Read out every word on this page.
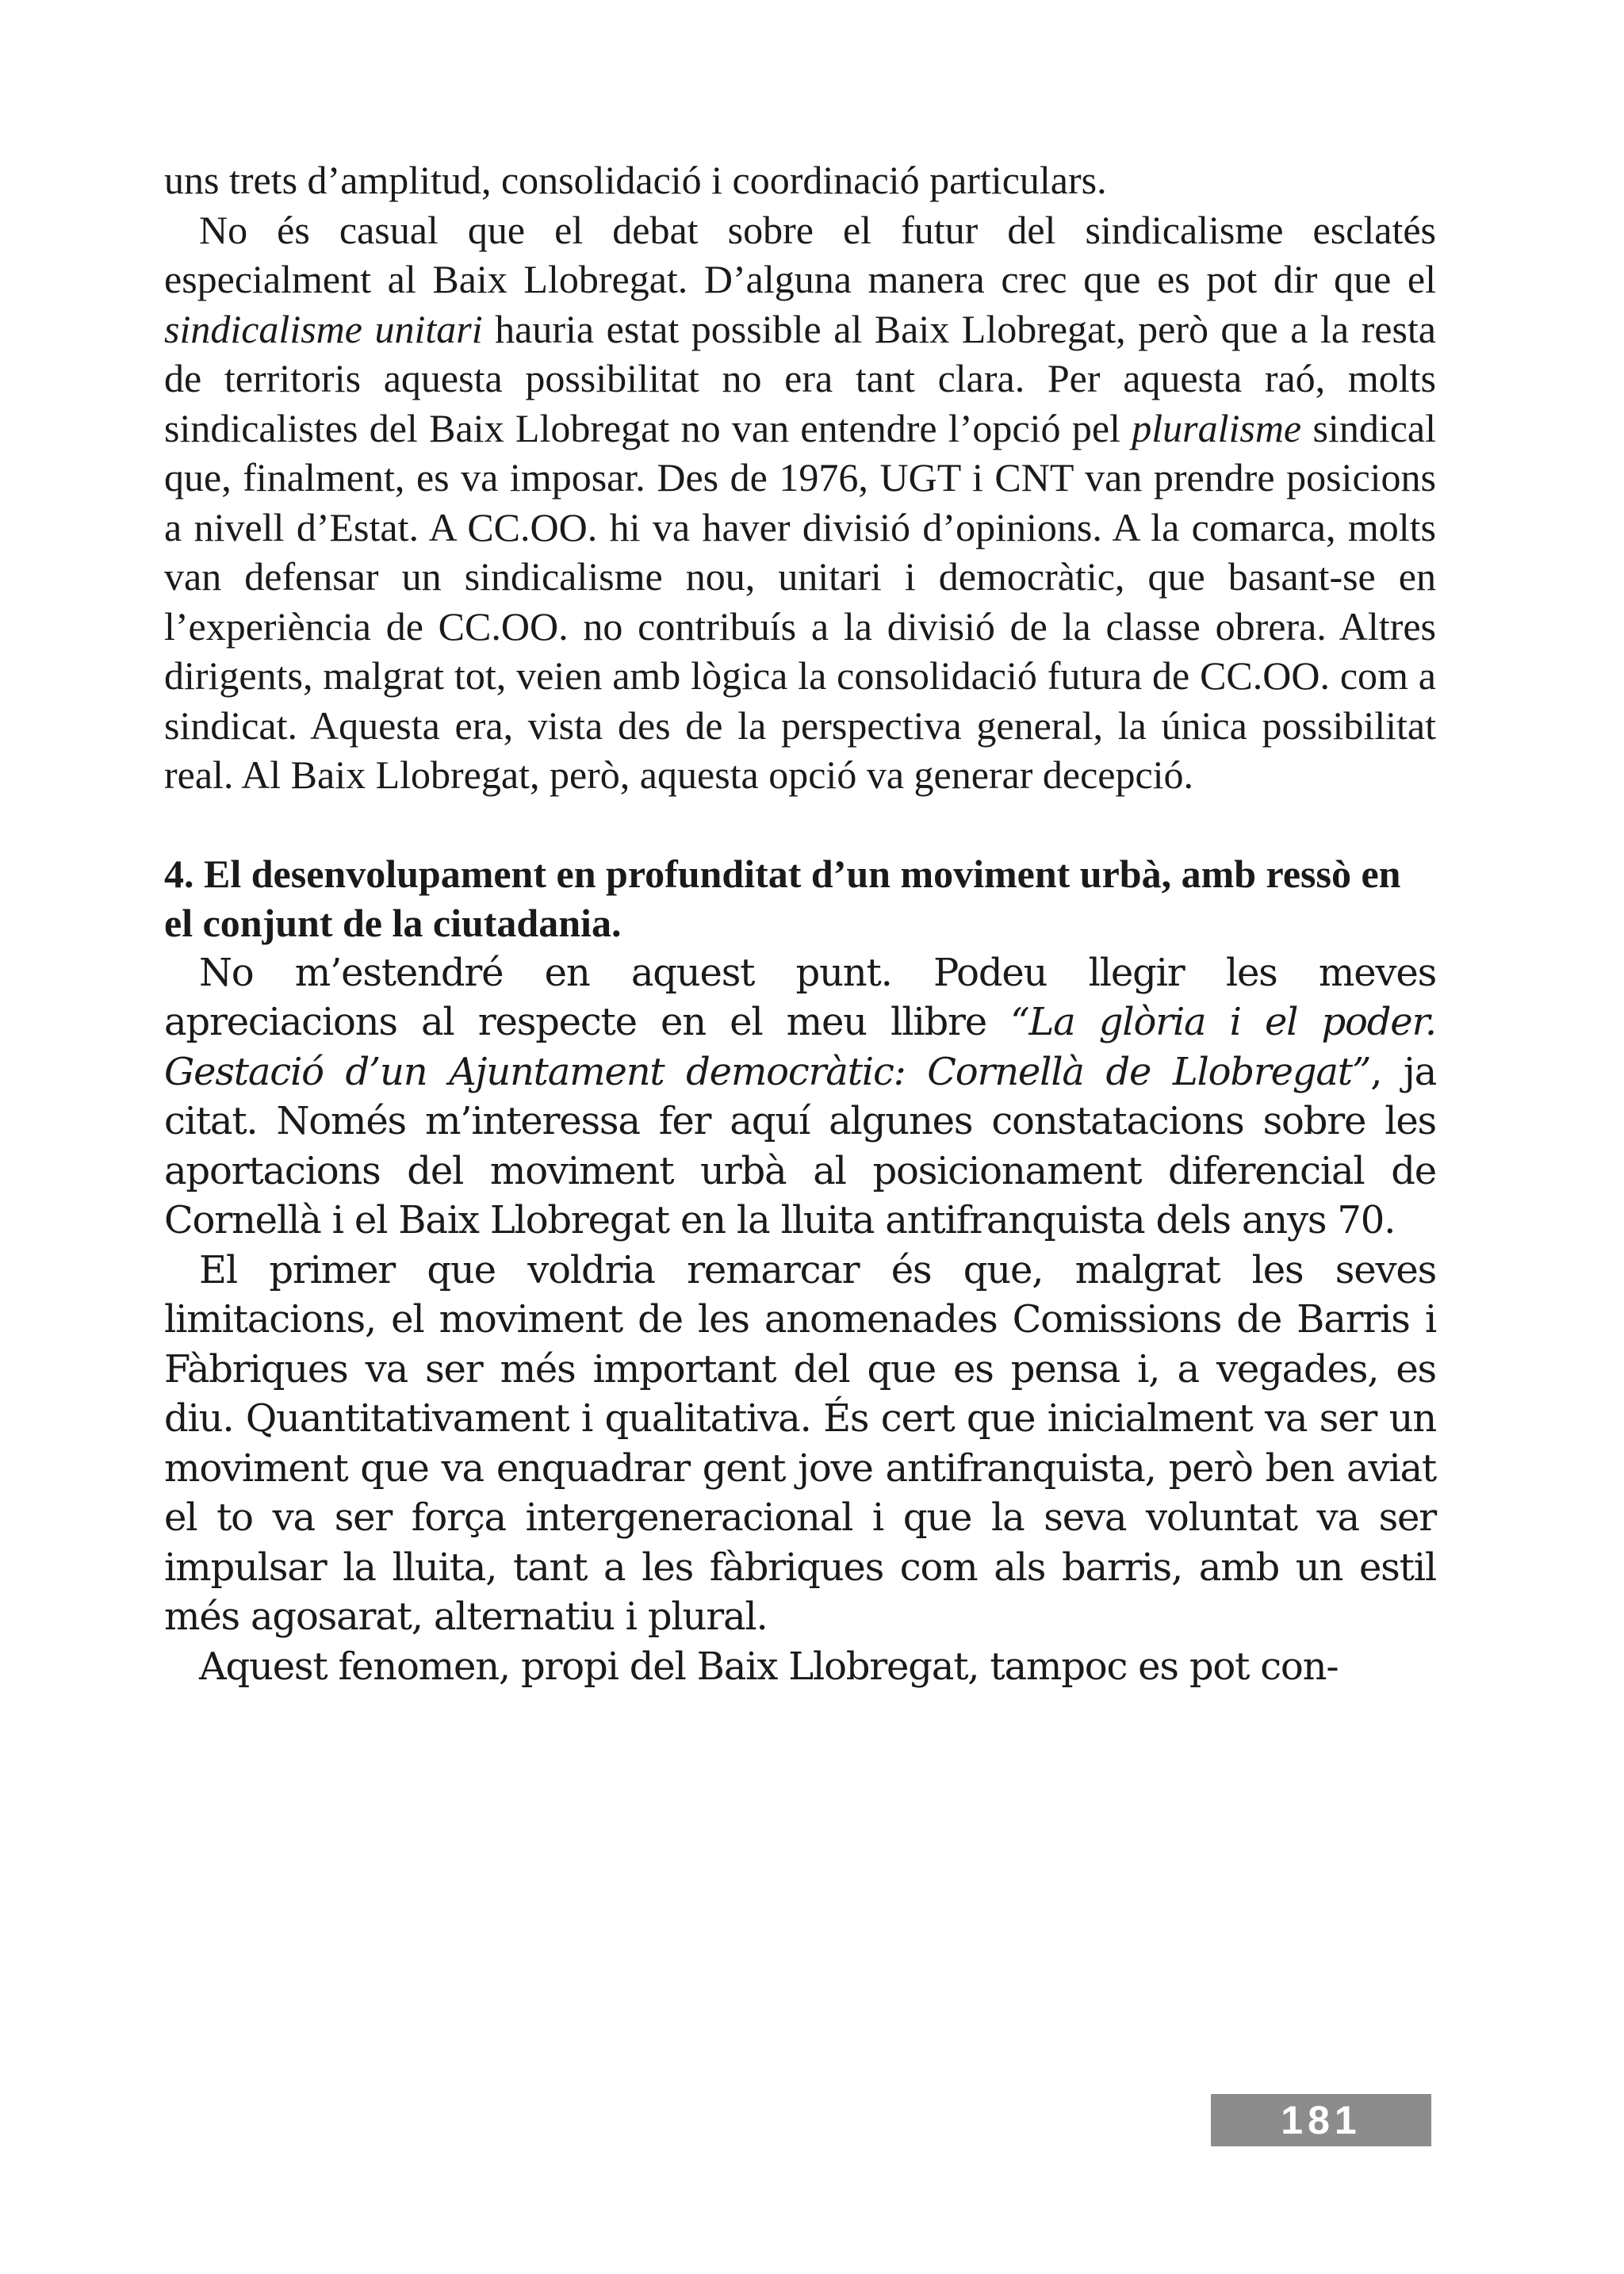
uns trets d’amplitud, consolidació i coordinació particulars.

No és casual que el debat sobre el futur del sindicalisme esclatés especialment al Baix Llobregat. D’alguna manera crec que es pot dir que el sindicalisme unitari hauria estat possible al Baix Llobregat, però que a la resta de territoris aquesta possibilitat no era tant clara. Per aquesta raó, molts sindicalistes del Baix Llobregat no van entendre l’opció pel pluralisme sindical que, finalment, es va imposar. Des de 1976, UGT i CNT van prendre posicions a nivell d’Estat. A CC.OO. hi va haver divisió d’opinions. A la comarca, molts van defensar un sindicalisme nou, unitari i democràtic, que basant-se en l’experiència de CC.OO. no contribuís a la divisió de la classe obrera. Altres dirigents, malgrat tot, veien amb lògica la consolidació futura de CC.OO. com a sindicat. Aquesta era, vista des de la perspectiva general, la única possibilitat real. Al Baix Llobregat, però, aquesta opció va generar decepció.

4. El desenvolupament en profunditat d’un moviment urbà, amb ressò en el conjunt de la ciutadania.

No m’estendré en aquest punt. Podeu llegir les meves apreciacions al respecte en el meu llibre “La glòria i el poder. Gestació d’un Ajuntament democràtic: Cornellà de Llobregat”, ja citat. Només m’interessa fer aquí algunes constatacions sobre les aportacions del moviment urbà al posicionament diferencial de Cornellà i el Baix Llobregat en la lluita antifranquista dels anys 70.

El primer que voldria remarcar és que, malgrat les seves limitacions, el moviment de les anomenades Comissions de Barris i Fàbriques va ser més important del que es pensa i, a vegades, es diu. Quantitativament i qualitativa. És cert que inicialment va ser un moviment que va enquadrar gent jove antifranquista, però ben aviat el to va ser força intergeneracional i que la seva voluntat va ser impulsar la lluita, tant a les fàbriques com als barris, amb un estil més agosarat, alternatiu i plural.

Aquest fenomen, propi del Baix Llobregat, tampoc es pot con-

181
